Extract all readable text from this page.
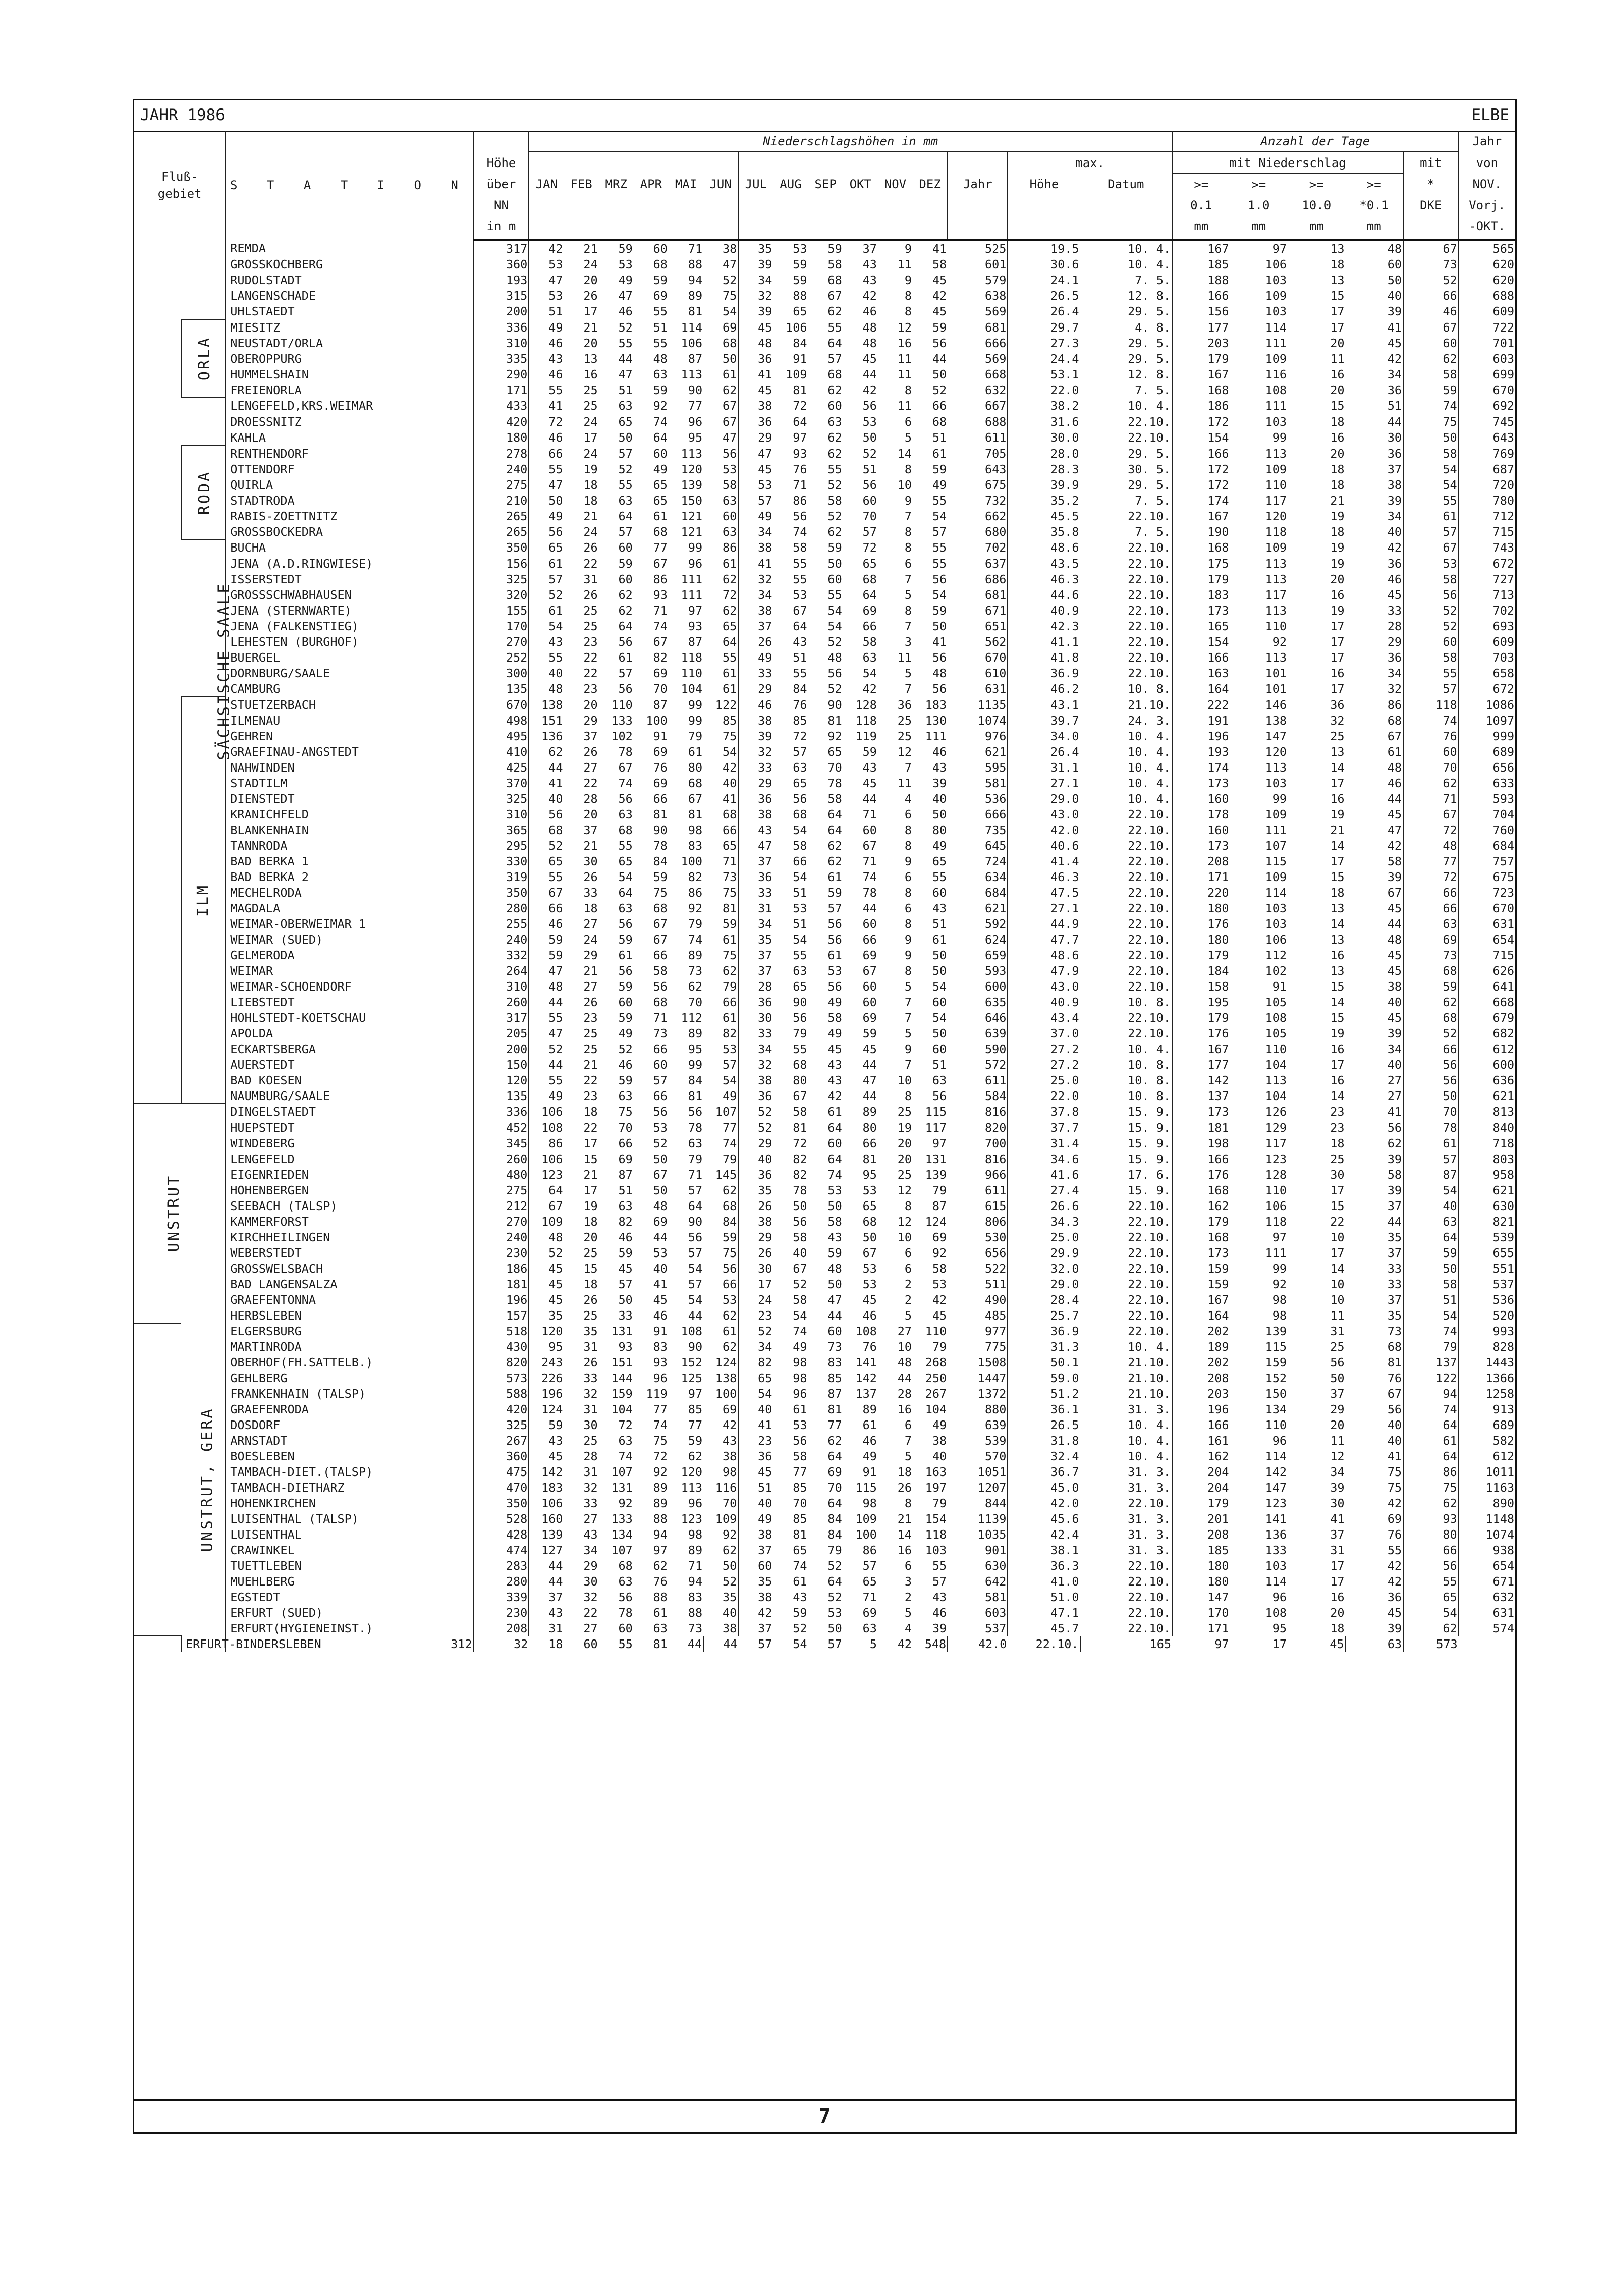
JAHR 1986	ELBE
Fluß-
gebiet		S T A T I O N		Niederschlagshöhen in mm															Anzahl der Tage					Jahr
			Höhe														max.		mit Niederschlag				mit	von
			über	JAN	FEB	MRZ	APR	MAI	JUN	JUL	AUG	SEP	OKT	NOV	DEZ	Jahr	Höhe	Datum	>=	>=	>=	>=	*	NOV.
			NN																0.1	1.0	10.0	*0.1	DKE	Vorj.
			in m																mm	mm	mm	mm		-OKT.

SÄCHSISCHE SAALE		REMDA	317	42	21	59	60	71	38	35	53	59	37	9	41	525	19.5	10. 4.	167	97	13	48	67	565
		GROSSKOCHBERG	360	53	24	53	68	88	47	39	59	58	43	11	58	601	30.6	10. 4.	185	106	18	60	73	620
		RUDOLSTADT	193	47	20	49	59	94	52	34	59	68	43	9	45	579	24.1	7. 5.	188	103	13	50	52	620
		LANGENSCHADE	315	53	26	47	69	89	75	32	88	67	42	8	42	638	26.5	12. 8.	166	109	15	40	66	688
		UHLSTAEDT	200	51	17	46	55	81	54	39	65	62	46	8	45	569	26.4	29. 5.	156	103	17	39	46	609
	ORLA	MIESITZ	336	49	21	52	51	114	69	45	106	55	48	12	59	681	29.7	4. 8.	177	114	17	41	67	722
		NEUSTADT/ORLA	310	46	20	55	55	106	68	48	84	64	48	16	56	666	27.3	29. 5.	203	111	20	45	60	701
		OBEROPPURG	335	43	13	44	48	87	50	36	91	57	45	11	44	569	24.4	29. 5.	179	109	11	42	62	603
		HUMMELSHAIN	290	46	16	47	63	113	61	41	109	68	44	11	50	668	53.1	12. 8.	167	116	16	34	58	699
		FREIENORLA	171	55	25	51	59	90	62	45	81	62	42	8	52	632	22.0	7. 5.	168	108	20	36	59	670
		LENGEFELD,KRS.WEIMAR	433	41	25	63	92	77	67	38	72	60	56	11	66	667	38.2	10. 4.	186	111	15	51	74	692
		DROESSNITZ	420	72	24	65	74	96	67	36	64	63	53	6	68	688	31.6	22.10.	172	103	18	44	75	745
		KAHLA	180	46	17	50	64	95	47	29	97	62	50	5	51	611	30.0	22.10.	154	99	16	30	50	643
	RODA	RENTHENDORF	278	66	24	57	60	113	56	47	93	62	52	14	61	705	28.0	29. 5.	166	113	20	36	58	769
		OTTENDORF	240	55	19	52	49	120	53	45	76	55	51	8	59	643	28.3	30. 5.	172	109	18	37	54	687
		QUIRLA	275	47	18	55	65	139	58	53	71	52	56	10	49	675	39.9	29. 5.	172	110	18	38	54	720
		STADTRODA	210	50	18	63	65	150	63	57	86	58	60	9	55	732	35.2	7. 5.	174	117	21	39	55	780
		RABIS-ZOETTNITZ	265	49	21	64	61	121	60	49	56	52	70	7	54	662	45.5	22.10.	167	120	19	34	61	712
		GROSSBOCKEDRA	265	56	24	57	68	121	63	34	74	62	57	8	57	680	35.8	7. 5.	190	118	18	40	57	715
		BUCHA	350	65	26	60	77	99	86	38	58	59	72	8	55	702	48.6	22.10.	168	109	19	42	67	743
		JENA (A.D.RINGWIESE)	156	61	22	59	67	96	61	41	55	50	65	6	55	637	43.5	22.10.	175	113	19	36	53	672
		ISSERSTEDT	325	57	31	60	86	111	62	32	55	60	68	7	56	686	46.3	22.10.	179	113	20	46	58	727
		GROSSSCHWABHAUSEN	320	52	26	62	93	111	72	34	53	55	64	5	54	681	44.6	22.10.	183	117	16	45	56	713
		JENA (STERNWARTE)	155	61	25	62	71	97	62	38	67	54	69	8	59	671	40.9	22.10.	173	113	19	33	52	702
		JENA (FALKENSTIEG)	170	54	25	64	74	93	65	37	64	54	66	7	50	651	42.3	22.10.	165	110	17	28	52	693
		LEHESTEN (BURGHOF)	270	43	23	56	67	87	64	26	43	52	58	3	41	562	41.1	22.10.	154	92	17	29	60	609
		BUERGEL	252	55	22	61	82	118	55	49	51	48	63	11	56	670	41.8	22.10.	166	113	17	36	58	703
		DORNBURG/SAALE	300	40	22	57	69	110	61	33	55	56	54	5	48	610	36.9	22.10.	163	101	16	34	55	658
		CAMBURG	135	48	23	56	70	104	61	29	84	52	42	7	56	631	46.2	10. 8.	164	101	17	32	57	672
	ILM	STUETZERBACH	670	138	20	110	87	99	122	46	76	90	128	36	183	1135	43.1	21.10.	222	146	36	86	118	1086
		ILMENAU	498	151	29	133	100	99	85	38	85	81	118	25	130	1074	39.7	24. 3.	191	138	32	68	74	1097
		GEHREN	495	136	37	102	91	79	75	39	72	92	119	25	111	976	34.0	10. 4.	196	147	25	67	76	999
		GRAEFINAU-ANGSTEDT	410	62	26	78	69	61	54	32	57	65	59	12	46	621	26.4	10. 4.	193	120	13	61	60	689
		NAHWINDEN	425	44	27	67	76	80	42	33	63	70	43	7	43	595	31.1	10. 4.	174	113	14	48	70	656
		STADTILM	370	41	22	74	69	68	40	29	65	78	45	11	39	581	27.1	10. 4.	173	103	17	46	62	633
		DIENSTEDT	325	40	28	56	66	67	41	36	56	58	44	4	40	536	29.0	10. 4.	160	99	16	44	71	593
		KRANICHFELD	310	56	20	63	81	81	68	38	68	64	71	6	50	666	43.0	22.10.	178	109	19	45	67	704
		BLANKENHAIN	365	68	37	68	90	98	66	43	54	64	60	8	80	735	42.0	22.10.	160	111	21	47	72	760
		TANNRODA	295	52	21	55	78	83	65	47	58	62	67	8	49	645	40.6	22.10.	173	107	14	42	48	684
		BAD BERKA 1	330	65	30	65	84	100	71	37	66	62	71	9	65	724	41.4	22.10.	208	115	17	58	77	757
		BAD BERKA 2	319	55	26	54	59	82	73	36	54	61	74	6	55	634	46.3	22.10.	171	109	15	39	72	675
		MECHELRODA	350	67	33	64	75	86	75	33	51	59	78	8	60	684	47.5	22.10.	220	114	18	67	66	723
		MAGDALA	280	66	18	63	68	92	81	31	53	57	44	6	43	621	27.1	22.10.	180	103	13	45	66	670
		WEIMAR-OBERWEIMAR 1	255	46	27	56	67	79	59	34	51	56	60	8	51	592	44.9	22.10.	176	103	14	44	63	631
		WEIMAR (SUED)	240	59	24	59	67	74	61	35	54	56	66	9	61	624	47.7	22.10.	180	106	13	48	69	654
		GELMERODA	332	59	29	61	66	89	75	37	55	61	69	9	50	659	48.6	22.10.	179	112	16	45	73	715
		WEIMAR	264	47	21	56	58	73	62	37	63	53	67	8	50	593	47.9	22.10.	184	102	13	45	68	626
		WEIMAR-SCHOENDORF	310	48	27	59	56	62	79	28	65	56	60	5	54	600	43.0	22.10.	158	91	15	38	59	641
		LIEBSTEDT	260	44	26	60	68	70	66	36	90	49	60	7	60	635	40.9	10. 8.	195	105	14	40	62	668
		HOHLSTEDT-KOETSCHAU	317	55	23	59	71	112	61	30	56	58	69	7	54	646	43.4	22.10.	179	108	15	45	68	679
		APOLDA	205	47	25	49	73	89	82	33	79	49	59	5	50	639	37.0	22.10.	176	105	19	39	52	682
		ECKARTSBERGA	200	52	25	52	66	95	53	34	55	45	45	9	60	590	27.2	10. 4.	167	110	16	34	66	612
		AUERSTEDT	150	44	21	46	60	99	57	32	68	43	44	7	51	572	27.2	10. 8.	177	104	17	40	56	600
		BAD KOESEN	120	55	22	59	57	84	54	38	80	43	47	10	63	611	25.0	10. 8.	142	113	16	27	56	636
		NAUMBURG/SAALE	135	49	23	63	66	81	49	36	67	42	44	8	56	584	22.0	10. 8.	137	104	14	27	50	621
UNSTRUT		DINGELSTAEDT	336	106	18	75	56	56	107	52	58	61	89	25	115	816	37.8	15. 9.	173	126	23	41	70	813
		HUEPSTEDT	452	108	22	70	53	78	77	52	81	64	80	19	117	820	37.7	15. 9.	181	129	23	56	78	840
		WINDEBERG	345	86	17	66	52	63	74	29	72	60	66	20	97	700	31.4	15. 9.	198	117	18	62	61	718
		LENGEFELD	260	106	15	69	50	79	79	40	82	64	81	20	131	816	34.6	15. 9.	166	123	25	39	57	803
		EIGENRIEDEN	480	123	21	87	67	71	145	36	82	74	95	25	139	966	41.6	17. 6.	176	128	30	58	87	958
		HOHENBERGEN	275	64	17	51	50	57	62	35	78	53	53	12	79	611	27.4	15. 9.	168	110	17	39	54	621
		SEEBACH (TALSP)	212	67	19	63	48	64	68	26	50	50	65	8	87	615	26.6	22.10.	162	106	15	37	40	630
		KAMMERFORST	270	109	18	82	69	90	84	38	56	58	68	12	124	806	34.3	22.10.	179	118	22	44	63	821
		KIRCHHEILINGEN	240	48	20	46	44	56	59	29	58	43	50	10	69	530	25.0	22.10.	168	97	10	35	64	539
		WEBERSTEDT	230	52	25	59	53	57	75	26	40	59	67	6	92	656	29.9	22.10.	173	111	17	37	59	655
		GROSSWELSBACH	186	45	15	45	40	54	56	30	67	48	53	6	58	522	32.0	22.10.	159	99	14	33	50	551
		BAD LANGENSALZA	181	45	18	57	41	57	66	17	52	50	53	2	53	511	29.0	22.10.	159	92	10	33	58	537
		GRAEFENTONNA	196	45	26	50	45	54	53	24	58	47	45	2	42	490	28.4	22.10.	167	98	10	37	51	536
		HERBSLEBEN	157	35	25	33	46	44	62	23	54	44	46	5	45	485	25.7	22.10.	164	98	11	35	54	520
UNSTRUT, GERA		ELGERSBURG	518	120	35	131	91	108	61	52	74	60	108	27	110	977	36.9	22.10.	202	139	31	73	74	993
		MARTINRODA	430	95	31	93	83	90	62	34	49	73	76	10	79	775	31.3	10. 4.	189	115	25	68	79	828
		OBERHOF(FH.SATTELB.)	820	243	26	151	93	152	124	82	98	83	141	48	268	1508	50.1	21.10.	202	159	56	81	137	1443
		GEHLBERG	573	226	33	144	96	125	138	65	98	85	142	44	250	1447	59.0	21.10.	208	152	50	76	122	1366
		FRANKENHAIN (TALSP)	588	196	32	159	119	97	100	54	96	87	137	28	267	1372	51.2	21.10.	203	150	37	67	94	1258
		GRAEFENRODA	420	124	31	104	77	85	69	40	61	81	89	16	104	880	36.1	31. 3.	196	134	29	56	74	913
		DOSDORF	325	59	30	72	74	77	42	41	53	77	61	6	49	639	26.5	10. 4.	166	110	20	40	64	689
		ARNSTADT	267	43	25	63	75	59	43	23	56	62	46	7	38	539	31.8	10. 4.	161	96	11	40	61	582
		BOESLEBEN	360	45	28	74	72	62	38	36	58	64	49	5	40	570	32.4	10. 4.	162	114	12	41	64	612
		TAMBACH-DIET.(TALSP)	475	142	31	107	92	120	98	45	77	69	91	18	163	1051	36.7	31. 3.	204	142	34	75	86	1011
		TAMBACH-DIETHARZ	470	183	32	131	89	113	116	51	85	70	115	26	197	1207	45.0	31. 3.	204	147	39	75	75	1163
		HOHENKIRCHEN	350	106	33	92	89	96	70	40	70	64	98	8	79	844	42.0	22.10.	179	123	30	42	62	890
		LUISENTHAL (TALSP)	528	160	27	133	88	123	109	49	85	84	109	21	154	1139	45.6	31. 3.	201	141	41	69	93	1148
		LUISENTHAL	428	139	43	134	94	98	92	38	81	84	100	14	118	1035	42.4	31. 3.	208	136	37	76	80	1074
		CRAWINKEL	474	127	34	107	97	89	62	37	65	79	86	16	103	901	38.1	31. 3.	185	133	31	55	66	938
		TUETTLEBEN	283	44	29	68	62	71	50	60	74	52	57	6	55	630	36.3	22.10.	180	103	17	42	56	654
		MUEHLBERG	280	44	30	63	76	94	52	35	61	64	65	3	57	642	41.0	22.10.	180	114	17	42	55	671
		EGSTEDT	339	37	32	56	88	83	35	38	43	52	71	2	43	581	51.0	22.10.	147	96	16	36	65	632
		ERFURT (SUED)	230	43	22	78	61	88	40	42	59	53	69	5	46	603	47.1	22.10.	170	108	20	45	54	631
		ERFURT(HYGIENEINST.)	208	31	27	60	63	73	38	37	52	50	63	4	39	537	45.7	22.10.	171	95	18	39	62	574
	ERFURT-BINDERSLEBEN	312	32	18	60	55	81	44	44	57	54	57	5	42	548	42.0	22.10.	165	97	17	45	63	573	
7
